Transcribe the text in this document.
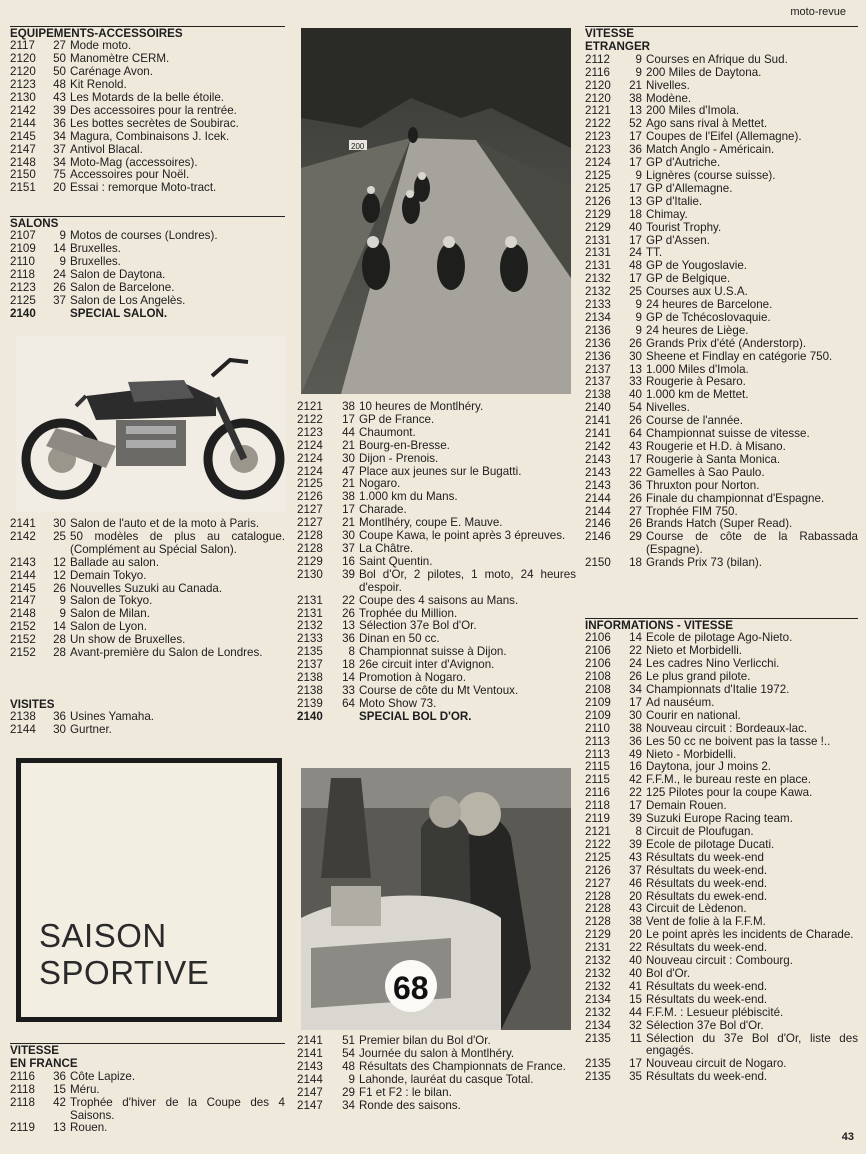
moto-revue
EQUIPEMENTS-ACCESSOIRES
2117	27 Mode moto.
2120	50 Manomètre CERM.
2120	50 Carénage Avon.
2123	48 Kit Renold.
2130	43 Les Motards de la belle étoile.
2142	39 Des accessoires pour la rentrée.
2144	36 Les bottes secrètes de Soubirac.
2145	34 Magura, Combinaisons J. Icek.
2147	37 Antivol Blacal.
2148	34 Moto-Mag (accessoires).
2150	75 Accessoires pour Noël.
2151	20 Essai : remorque Moto-tract.
SALONS
2107	9 Motos de courses (Londres).
2109	14 Bruxelles.
2110	9 Bruxelles.
2118	24 Salon de Daytona.
2123	26 Salon de Barcelone.
2125	37 Salon de Los Angelès.
2140	SPECIAL SALON.
2141	30 Salon de l'auto et de la moto à Paris.
2142	25 50 modèles de plus au catalogue. (Complément au Spécial Salon).
2143	12 Ballade au salon.
2144	12 Demain Tokyo.
2145	26 Nouvelles Suzuki au Canada.
2147	9 Salon de Tokyo.
2148	9 Salon de Milan.
2152	14 Salon de Lyon.
2152	28 Un show de Bruxelles.
2152	28 Avant-première du Salon de Londres.
VISITES
2138	36 Usines Yamaha.
2144	30 Gurtner.
VITESSE
EN FRANCE
2116	36 Côte Lapize.
2118	15 Méru.
2118	42 Trophée d'hiver de la Coupe des 4 Saisons.
2119	13 Rouen.
SAISON
SPORTIVE
200
2121	38 10 heures de Montlhéry.
2122	17 GP de France.
2123	44 Chaumont.
2124	21 Bourg-en-Bresse.
2124	30 Dijon - Prenois.
2124	47 Place aux jeunes sur le Bugatti.
2125	21 Nogaro.
2126	38 1.000 km du Mans.
2127	17 Charade.
2127	21 Montlhéry, coupe E. Mauve.
2128	30 Coupe Kawa, le point après 3 épreuves.
2128	37 La Châtre.
2129	16 Saint Quentin.
2130	39 Bol d'Or, 2 pilotes, 1 moto, 24 heures d'espoir.
2131	22 Coupe des 4 saisons au Mans.
2131	26 Trophée du Million.
2132	13 Sélection 37e Bol d'Or.
2133	36 Dinan en 50 cc.
2135	8 Championnat suisse à Dijon.
2137	18 26e circuit inter d'Avignon.
2138	14 Promotion à Nogaro.
2138	33 Course de côte du Mt Ventoux.
2139	64 Moto Show 73.
2140	SPECIAL BOL D'OR.
68
2141	51 Premier bilan du Bol d'Or.
2141	54 Journée du salon à Montlhéry.
2143	48 Résultats des Championnats de France.
2144	9 Lahonde, lauréat du casque Total.
2147	29 F1 et F2 : le bilan.
2147	34 Ronde des saisons.
VITESSE
ETRANGER
2112	9 Courses en Afrique du Sud.
2116	9 200 Miles de Daytona.
2120	21 Nivelles.
2120	38 Modène.
2121	13 200 Miles d'Imola.
2122	52 Ago sans rival à Mettet.
2123	17 Coupes de l'Eifel (Allemagne).
2123	36 Match Anglo - Américain.
2124	17 GP d'Autriche.
2125	9 Lignères (course suisse).
2125	17 GP d'Allemagne.
2126	13 GP d'Italie.
2129	18 Chimay.
2129	40 Tourist Trophy.
2131	17 GP d'Assen.
2131	24 TT.
2131	48 GP de Yougoslavie.
2132	17 GP de Belgique.
2132	25 Courses aux U.S.A.
2133	9 24 heures de Barcelone.
2134	9 GP de Tchécoslovaquie.
2136	9 24 heures de Liège.
2136	26 Grands Prix d'été (Anderstorp).
2136	30 Sheene et Findlay en catégorie 750.
2137	13 1.000 Miles d'Imola.
2137	33 Rougerie à Pesaro.
2138	40 1.000 km de Mettet.
2140	54 Nivelles.
2141	26 Course de l'année.
2141	64 Championnat suisse de vitesse.
2142	43 Rougerie et H.D. à Misano.
2143	17 Rougerie à Santa Monica.
2143	22 Gamelles à Sao Paulo.
2143	36 Thruxton pour Norton.
2144	26 Finale du championnat d'Espagne.
2144	27 Trophée FIM 750.
2146	26 Brands Hatch (Super Read).
2146	29 Course de côte de la Rabassada (Espagne).
2150	18 Grands Prix 73 (bilan).
INFORMATIONS - VITESSE
2106	14 Ecole de pilotage Ago-Nieto.
2106	22 Nieto et Morbidelli.
2106	24 Les cadres Nino Verlicchi.
2108	26 Le plus grand pilote.
2108	34 Championnats d'Italie 1972.
2109	17 Ad nauséum.
2109	30 Courir en national.
2110	38 Nouveau circuit : Bordeaux-lac.
2113	36 Les 50 cc ne boivent pas la tasse !..
2113	49 Nieto - Morbidelli.
2115	16 Daytona, jour J moins 2.
2115	42 F.F.M., le bureau reste en place.
2116	22 125 Pilotes pour la coupe Kawa.
2118	17 Demain Rouen.
2119	39 Suzuki Europe Racing team.
2121	8 Circuit de Ploufugan.
2122	39 Ecole de pilotage Ducati.
2125	43 Résultats du week-end
2126	37 Résultats du week-end.
2127	46 Résultats du week-end.
2128	20 Résultats du ewek-end.
2128	43 Circuit de Lèdenon.
2128	38 Vent de folie à la F.F.M.
2129	20 Le point après les incidents de Charade.
2131	22 Résultats du week-end.
2132	40 Nouveau circuit : Combourg.
2132	40 Bol d'Or.
2132	41 Résultats du week-end.
2134	15 Résultats du week-end.
2132	44 F.F.M. : Lesueur plébiscité.
2134	32 Sélection 37e Bol d'Or.
2135	11 Sélection du 37e Bol d'Or, liste des engagés.
2135	17 Nouveau circuit de Nogaro.
2135	35 Résultats du week-end.
43
